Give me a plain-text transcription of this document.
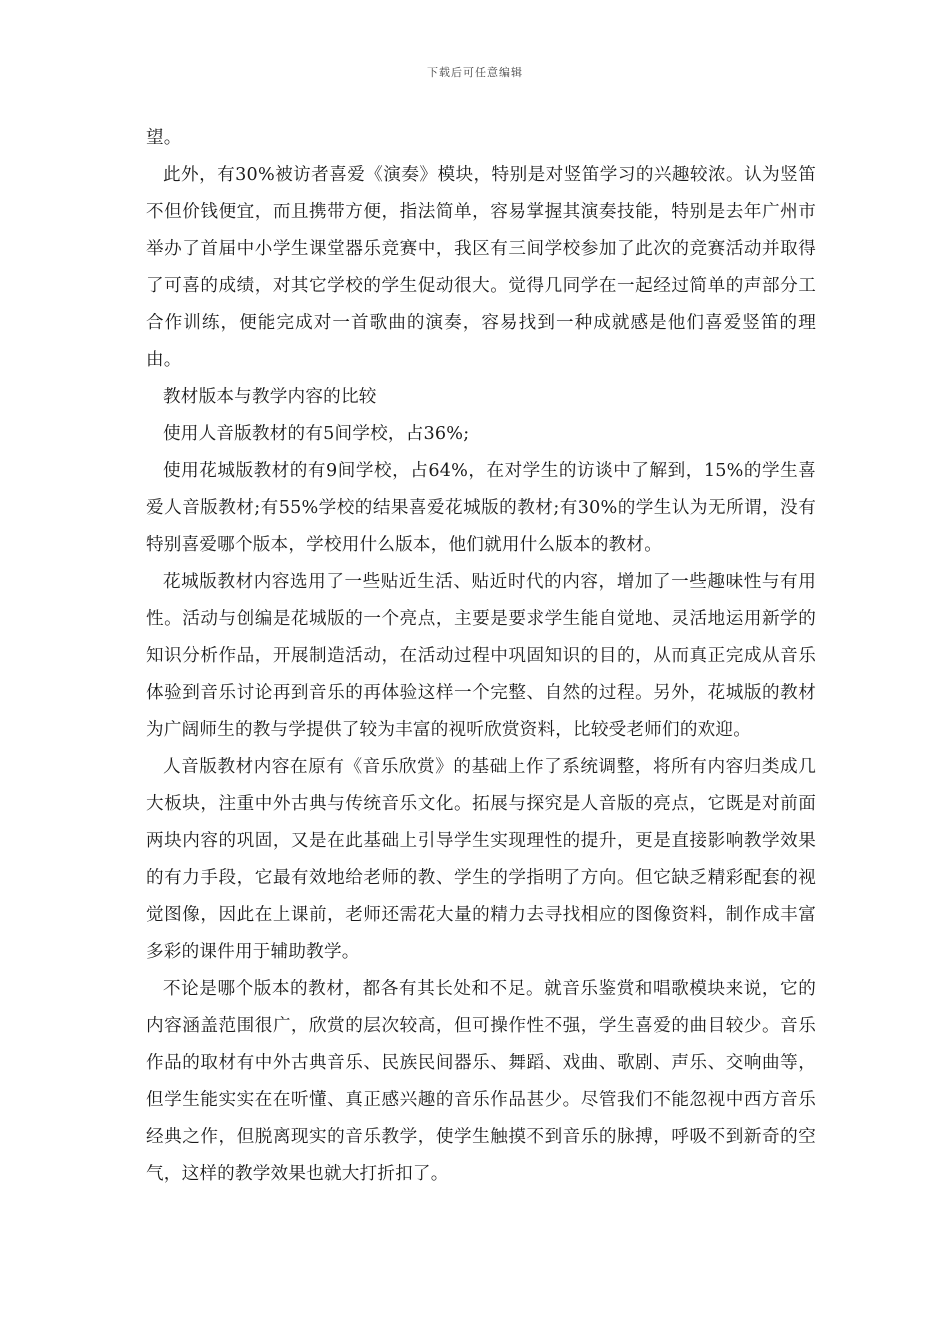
下载后可任意编辑

望。

此外，有30%被访者喜爱《演奏》模块，特别是对竖笛学习的兴趣较浓。认为竖笛不但价钱便宜，而且携带方便，指法简单，容易掌握其演奏技能，特别是去年广州市举办了首届中小学生课堂器乐竞赛中，我区有三间学校参加了此次的竞赛活动并取得了可喜的成绩，对其它学校的学生促动很大。觉得几同学在一起经过简单的声部分工合作训练，便能完成对一首歌曲的演奏，容易找到一种成就感是他们喜爱竖笛的理由。

教材版本与教学内容的比较

使用人音版教材的有5间学校，占36%;

使用花城版教材的有9间学校，占64%，在对学生的访谈中了解到，15%的学生喜爱人音版教材;有55%学校的结果喜爱花城版的教材;有30%的学生认为无所谓，没有特别喜爱哪个版本，学校用什么版本，他们就用什么版本的教材。

花城版教材内容选用了一些贴近生活、贴近时代的内容，增加了一些趣味性与有用性。活动与创编是花城版的一个亮点，主要是要求学生能自觉地、灵活地运用新学的知识分析作品，开展制造活动，在活动过程中巩固知识的目的，从而真正完成从音乐体验到音乐讨论再到音乐的再体验这样一个完整、自然的过程。另外，花城版的教材为广阔师生的教与学提供了较为丰富的视听欣赏资料，比较受老师们的欢迎。

人音版教材内容在原有《音乐欣赏》的基础上作了系统调整，将所有内容归类成几大板块，注重中外古典与传统音乐文化。拓展与探究是人音版的亮点，它既是对前面两块内容的巩固，又是在此基础上引导学生实现理性的提升，更是直接影响教学效果的有力手段，它最有效地给老师的教、学生的学指明了方向。但它缺乏精彩配套的视觉图像，因此在上课前，老师还需花大量的精力去寻找相应的图像资料，制作成丰富多彩的课件用于辅助教学。

不论是哪个版本的教材，都各有其长处和不足。就音乐鉴赏和唱歌模块来说，它的内容涵盖范围很广，欣赏的层次较高，但可操作性不强，学生喜爱的曲目较少。音乐作品的取材有中外古典音乐、民族民间器乐、舞蹈、戏曲、歌剧、声乐、交响曲等，但学生能实实在在听懂、真正感兴趣的音乐作品甚少。尽管我们不能忽视中西方音乐经典之作，但脱离现实的音乐教学，使学生触摸不到音乐的脉搏，呼吸不到新奇的空气，这样的教学效果也就大打折扣了。
